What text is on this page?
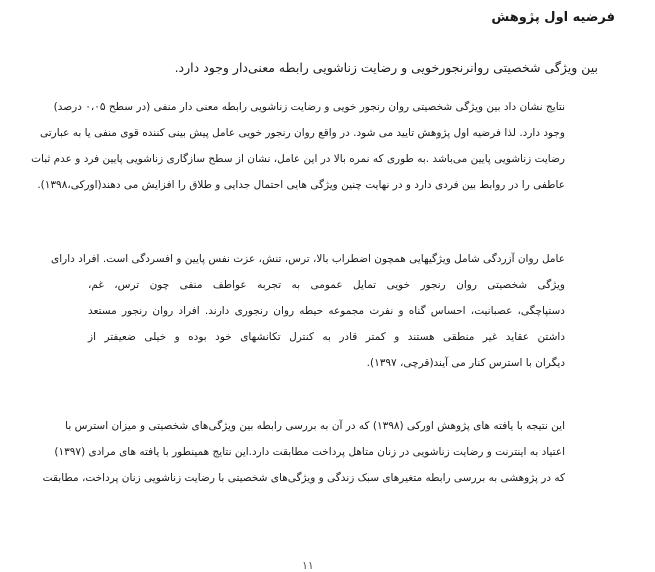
فرضیه اول پژوهش
بین ویژگی شخصیتی روانرنجورخویی و رضایت زناشویی رابطه معنی‌دار وجود دارد.
نتایج نشان داد بین ویژگی شخصیتی روان رنجور خویی و رضایت زناشویی رابطه معنی دار منفی (در سطح ۰،۰۵ درصد)
وجود دارد. لذا فرضیه اول پژوهش تایید می شود. در واقع روان رنجور خویی عامل پیش بینی کننده قوی منفی یا به عبارتی
رضایت زناشویی پایین می‌باشد .به طوری که نمره بالا در این عامل، نشان از سطح سازگاری زناشویی پایین فرد و عدم ثبات
عاطفی را در روابط بین فردی دارد و در نهایت چنین ویژگی هایی احتمال جدایی و طلاق را افزایش می دهند(اورکی،۱۳۹۸).
عامل روان آزردگی شامل ویژگیهایی همچون اضطراب بالا، ترس، تنش، عزت نفس پایین و افسردگی است. افراد دارای
ویژگی شخصیتی روان رنجور خویی تمایل عمومی به تجربه عواطف منفی چون ترس، غم،
دستپاچگی، عصبانیت، احساس گناه و نفرت مجموعه حیطه روان رنجوری دارند. افراد روان رنجور مستعد
داشتن عقاید غیر منطقی هستند و کمتر قادر به کنترل تکانشهای خود بوده و خیلی ضعیفتر از
دیگران با استرس کنار می آیند(قرچی، ۱۳۹۷).
این نتیجه با یافته های پژوهش اورکی (۱۳۹۸) که در آن به بررسی رابطه بین ویژگی‌های شخصیتی و میزان استرس با
اعتیاد به اینترنت و رضایت زناشویی در زنان متاهل پرداخت مطابقت دارد.این نتایج همینطور با یافته های مرادی (۱۳۹۷)
که در پژوهشی به بررسی رابطه متغیرهای سبک زندگی و ویژگی‌های شخصیتی با رضایت زناشویی زنان پرداخت، مطابقت
۱۱
